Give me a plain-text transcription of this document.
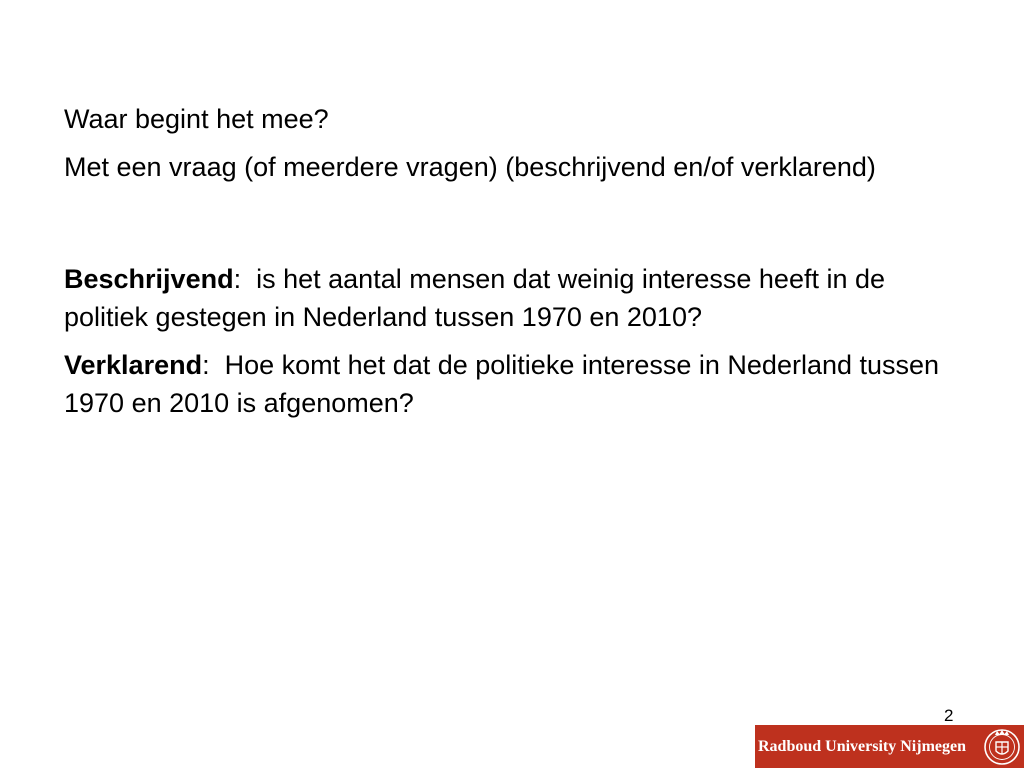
Waar begint het mee?

Met een vraag (of meerdere vragen) (beschrijvend en/of verklarend)

Beschrijvend: is het aantal mensen dat weinig interesse heeft in de politiek gestegen in Nederland tussen 1970 en 2010?

Verklarend: Hoe komt het dat de politieke interesse in Nederland tussen 1970 en 2010 is afgenomen?

2
Radboud University Nijmegen
